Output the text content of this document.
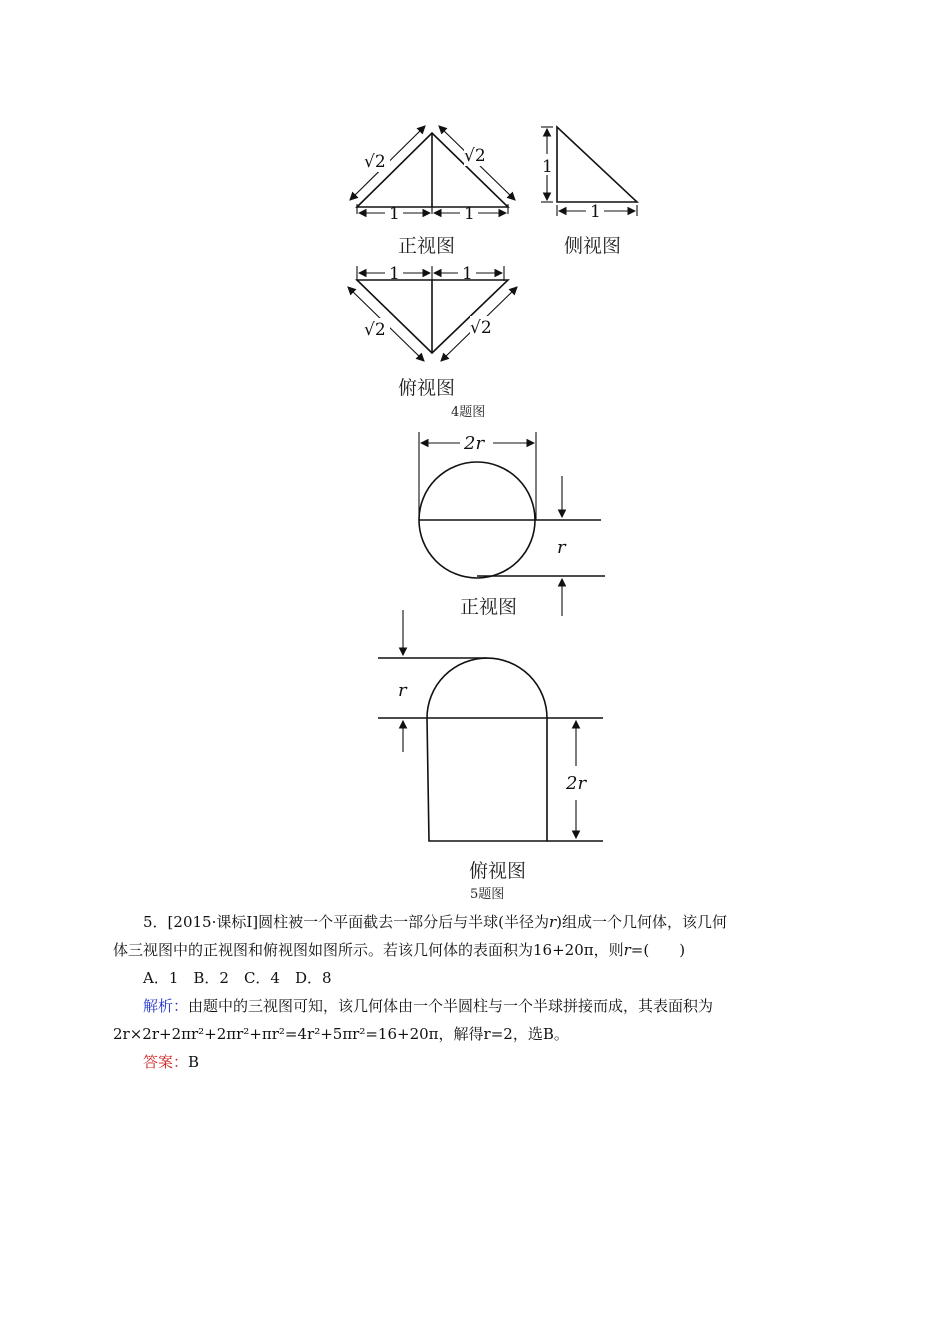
1	1
√2	√2
正视图
1
1
侧视图
1	1
√2	√2
俯视图
4题图
2r
r
正视图
r
2r
俯视图
5题图

5．[2015·课标Ⅰ]圆柱被一个平面截去一部分后与半球(半径为r)组成一个几何体，该几何

体三视图中的正视图和俯视图如图所示。若该几何体的表面积为16+20π，则r=(　　)

A．1　B．2　C．4　D．8

解析：由题中的三视图可知，该几何体由一个半圆柱与一个半球拼接而成，其表面积为

2r×2r+2πr²+2πr²+πr²=4r²+5πr²=16+20π，解得r=2，选B。

答案：B
